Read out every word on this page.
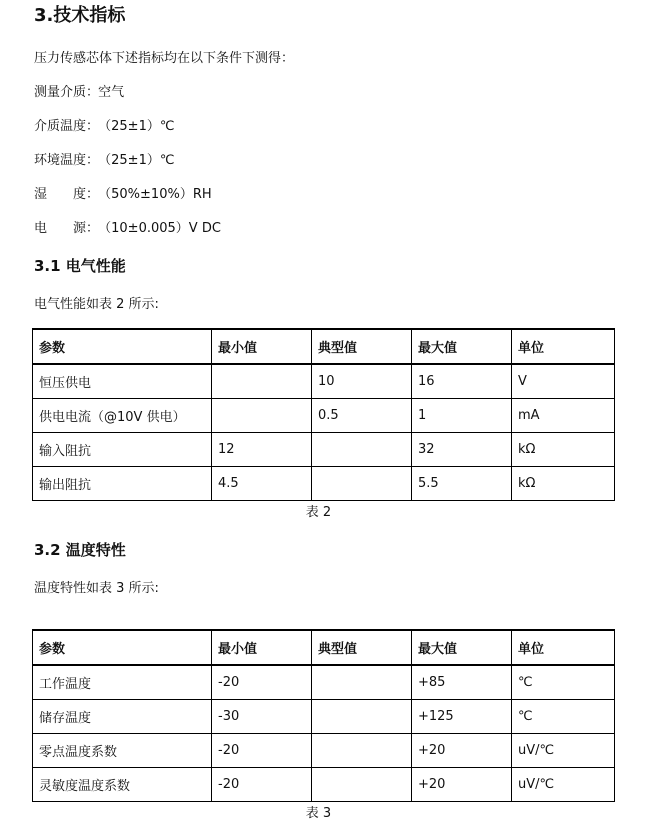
3.技术指标
压力传感芯体下述指标均在以下条件下测得：
测量介质： 空气
介质温度： （25±1）℃
环境温度： （25±1）℃
湿　　度： （50%±10%）RH
电　　源： （10±0.005）V DC
3.1 电气性能
电气性能如表 2 所示:
参数	最小值	典型值	最大值	单位
恒压供电		10	16	V
供电电流（@10V 供电）		0.5	1	mA
输入阻抗	12		32	kΩ
输出阻抗	4.5		5.5	kΩ
表 2
3.2 温度特性
温度特性如表 3 所示:
参数	最小值	典型值	最大值	单位
工作温度	-20		+85	℃
储存温度	-30		+125	℃
零点温度系数	-20		+20	uV/℃
灵敏度温度系数	-20		+20	uV/℃
表 3
